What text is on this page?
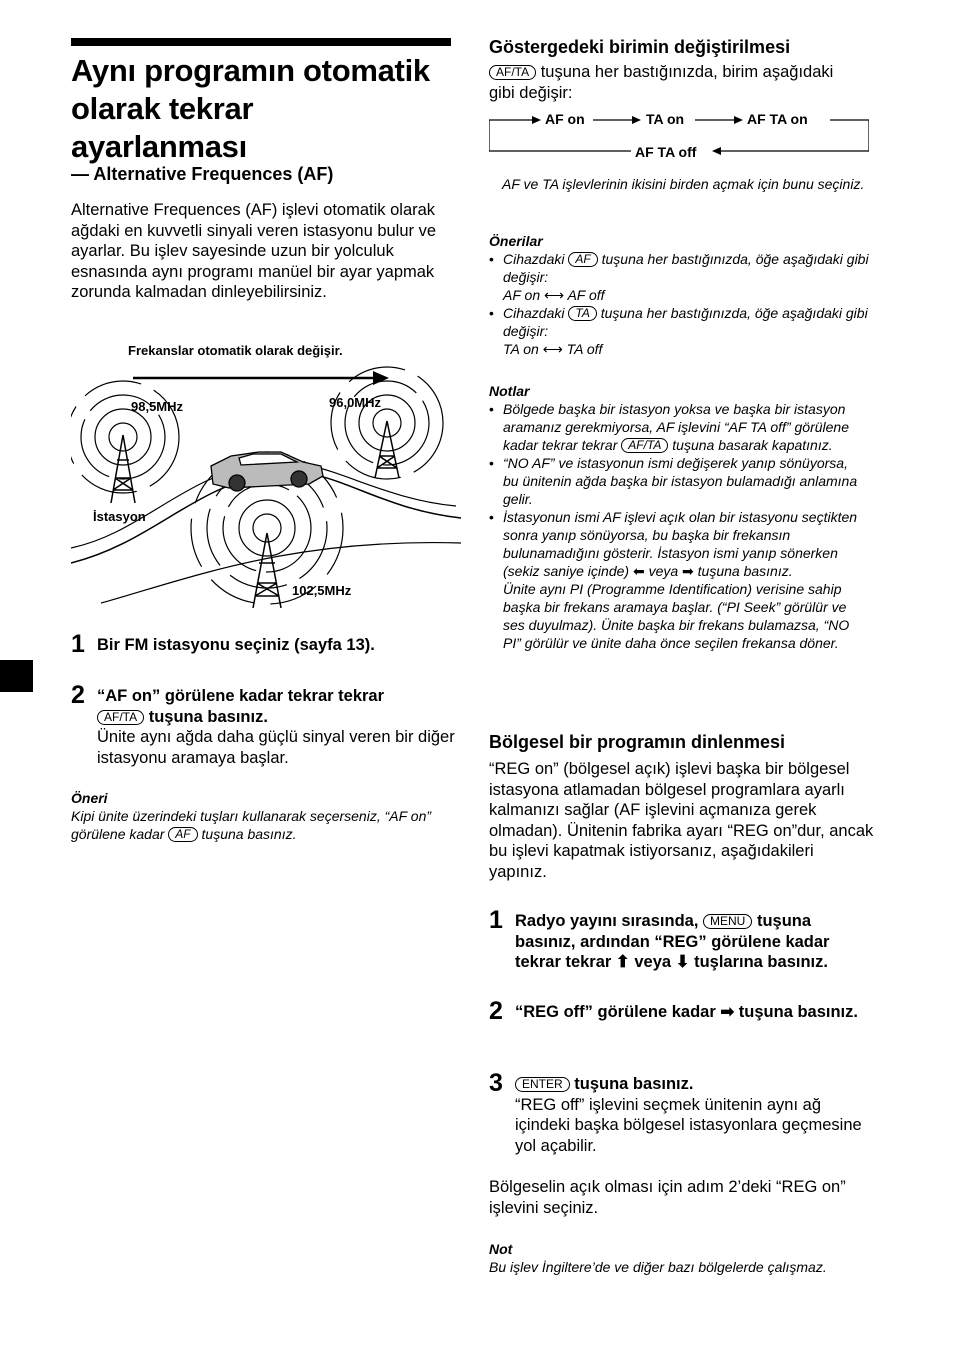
Aynı programın otomatik
olarak tekrar
ayarlanması
— Alternative Frequences (AF)
Alternative Frequences (AF) işlevi otomatik olarak ağdaki en kuvvetli sinyali veren istasyonu bulur ve ayarlar. Bu işlev sayesinde uzun bir yolculuk esnasında aynı programı manüel bir ayar yapmak zorunda kalmadan dinleyebilirsiniz.
Frekanslar otomatik olarak değişir.
98,5MHz	96,0MHz
102,5MHz
İstasyon
1 Bir FM istasyonu seçiniz (sayfa 13).
2 “AF on” görülene kadar tekrar tekrar
AF/TA tuşuna basınız.
Ünite aynı ağda daha güçlü sinyal veren bir diğer istasyonu aramaya başlar.
Öneri
Kipi ünite üzerindeki tuşları kullanarak seçerseniz, “AF on” görülene kadar AF tuşuna basınız.
Göstergedeki birimin değiştirilmesi
AF/TA tuşuna her bastığınızda, birim aşağıdaki gibi değişir:
AF on	TA on	AF TA on
AF TA off
AF ve TA işlevlerinin ikisini birden açmak için bunu seçiniz.
Önerilar
• Cihazdaki AF tuşuna her bastığınızda, öğe aşağıdaki gibi değişir:
AF on ⟷ AF off
• Cihazdaki TA tuşuna her bastığınızda, öğe aşağıdaki gibi değişir:
TA on ⟷ TA off
Notlar
• Bölgede başka bir istasyon yoksa ve başka bir istasyon aramanız gerekmiyorsa, AF işlevini “AF TA off” görülene kadar tekrar tekrar AF/TA tuşuna basarak kapatınız.
• “NO AF” ve istasyonun ismi değişerek yanıp sönüyorsa, bu ünitenin ağda başka bir istasyon bulamadığı anlamına gelir.
• İstasyonun ismi AF işlevi açık olan bir istasyonu seçtikten sonra yanıp sönüyorsa, bu başka bir frekansın bulunamadığını gösterir. İstasyon ismi yanıp sönerken (sekiz saniye içinde) ⬅ veya ➡ tuşuna basınız.
Ünite aynı PI (Programme Identification) verisine sahip başka bir frekans aramaya başlar. (“PI Seek” görülür ve ses duyulmaz). Ünite başka bir frekans bulamazsa, “NO PI” görülür ve ünite daha önce seçilen frekansa döner.
Bölgesel bir programın dinlenmesi
“REG on” (bölgesel açık) işlevi başka bir bölgesel istasyona atlamadan bölgesel programlara ayarlı kalmanızı sağlar (AF işlevini açmanıza gerek olmadan). Ünitenin fabrika ayarı “REG on”dur, ancak bu işlevi kapatmak istiyorsanız, aşağıdakileri yapınız.
1 Radyo yayını sırasında, MENU tuşuna basınız, ardından “REG” görülene kadar tekrar tekrar ⬆ veya ⬇ tuşlarına basınız.
2 “REG off” görülene kadar ➡ tuşuna basınız.
3	ENTER tuşuna basınız.
“REG off” işlevini seçmek ünitenin aynı ağ içindeki başka bölgesel istasyonlara geçmesine yol açabilir.
Bölgeselin açık olması için adım 2’deki “REG on” işlevini seçiniz.
Not
Bu işlev İngiltere’de ve diğer bazı bölgelerde çalışmaz.
